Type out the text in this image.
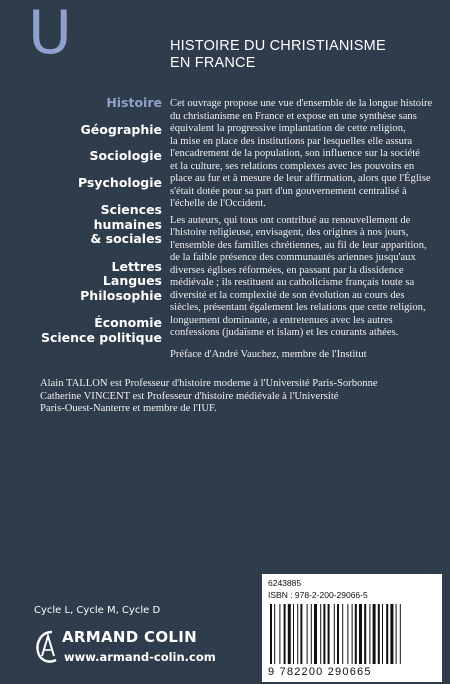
U	HISTOIRE DU CHRISTIANISME
EN FRANCE
Histoire
Géographie
Sociologie
Psychologie
Sciences
humaines
& sociales
Lettres
Langues
Philosophie
Économie
Science politique

Cet ouvrage propose une vue d'ensemble de la longue histoire
du christianisme en France et expose en une synthèse sans
équivalent la progressive implantation de cette religion,
la mise en place des institutions par lesquelles elle assura
l'encadrement de la population, son influence sur la société
et la culture, ses relations complexes avec les pouvoirs en
place au fur et à mesure de leur affirmation, alors que l'Église
s'était dotée pour sa part d'un gouvernement centralisé à
l'échelle de l'Occident.

Les auteurs, qui tous ont contribué au renouvellement de
l'histoire religieuse, envisagent, des origines à nos jours,
l'ensemble des familles chrétiennes, au fil de leur apparition,
de la faible présence des communautés ariennes jusqu'aux
diverses églises réformées, en passant par la dissidence
médiévale ; ils restituent au catholicisme français toute sa
diversité et la complexité de son évolution au cours des
siècles, présentant également les relations que cette religion,
longuement dominante, a entretenues avec les autres
confessions (judaïsme et islam) et les courants athées.

Préface d'André Vauchez, membre de l'Institut
Alain TALLON est Professeur d'histoire moderne à l'Université Paris-Sorbonne
Catherine VINCENT est Professeur d'histoire médiévale à l'Université
Paris-Ouest-Nanterre et membre de l'IUF.
Cycle L, Cycle M, Cycle D
ARMAND COLIN
www.armand-colin.com
6243885
ISBN : 978-2-200-29066-5
9 782200 290665
